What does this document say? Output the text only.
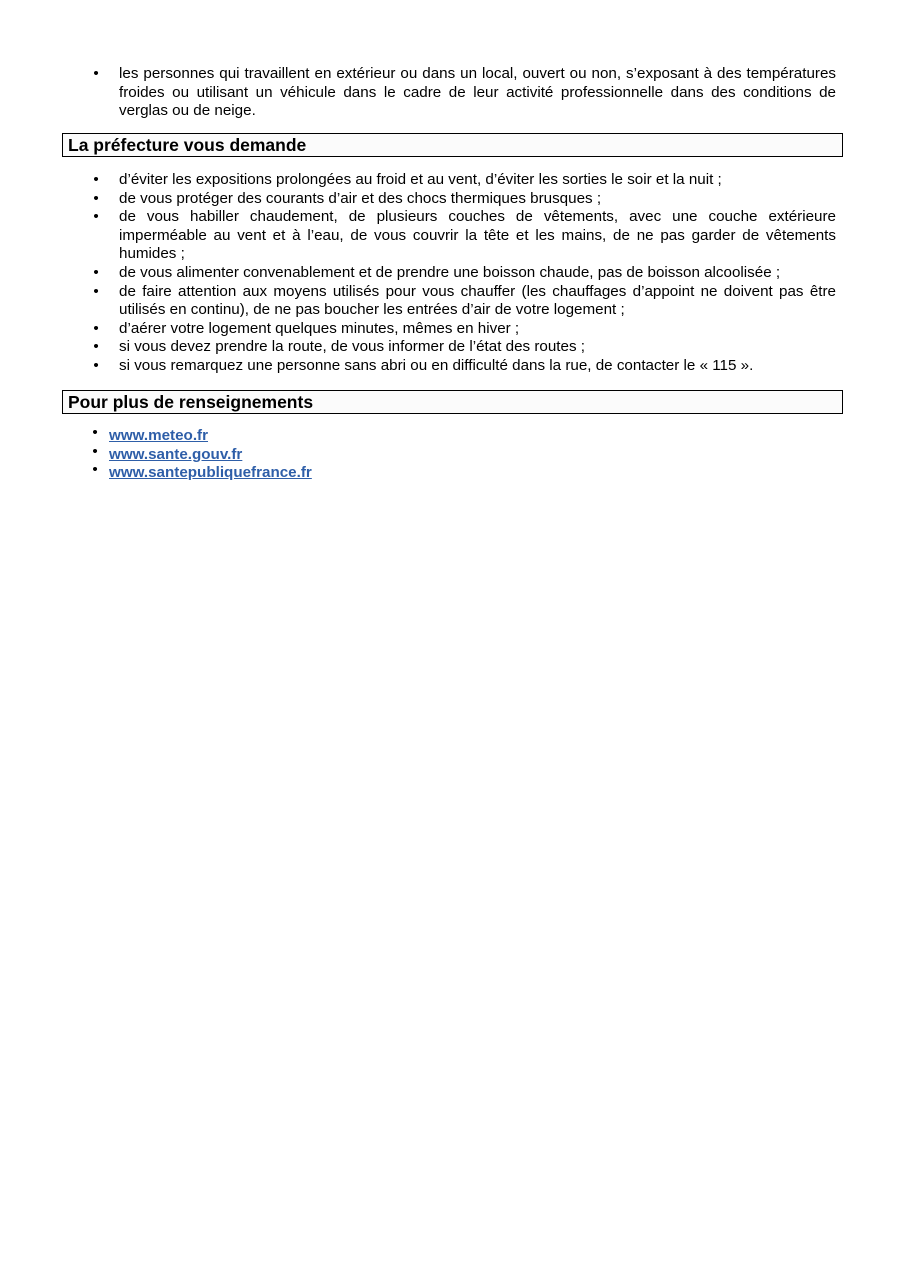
• les personnes qui travaillent en extérieur ou dans un local, ouvert ou non, s’exposant à des températures froides ou utilisant un véhicule dans le cadre de leur activité professionnelle dans des conditions de verglas ou de neige.
La préfecture vous demande
• d’éviter les expositions prolongées au froid et au vent, d’éviter les sorties le soir et la nuit ;
• de vous protéger des courants d’air et des chocs thermiques brusques ;
• de vous habiller chaudement, de plusieurs couches de vêtements, avec une couche extérieure imperméable au vent et à l’eau, de vous couvrir la tête et les mains, de ne pas garder de vêtements humides ;
• de vous alimenter convenablement et de prendre une boisson chaude, pas de boisson alcoolisée ;
• de faire attention aux moyens utilisés pour vous chauffer (les chauffages d’appoint ne doivent pas être utilisés en continu), de ne pas boucher les entrées d’air de votre logement ;
• d’aérer votre logement quelques minutes, mêmes en hiver ;
• si vous devez prendre la route, de vous informer de l’état des routes ;
• si vous remarquez une personne sans abri ou en difficulté dans la rue, de contacter le « 115 ».
Pour plus de renseignements
• www.meteo.fr
• www.sante.gouv.fr
• www.santepubliquefrance.fr
